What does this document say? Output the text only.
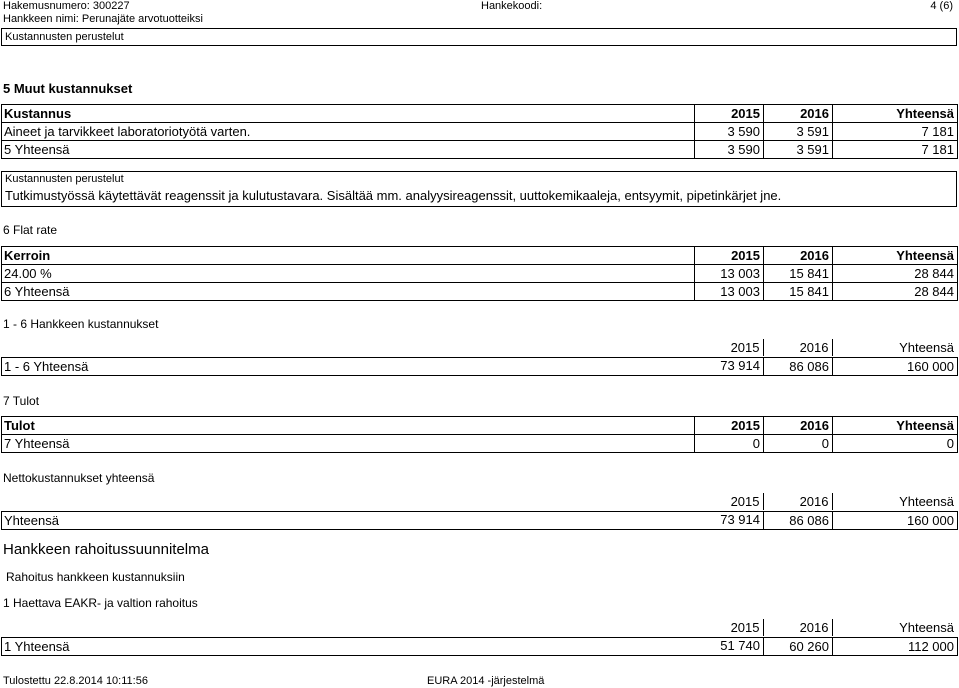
Hakemusnumero: 300227	Hankekoodi:	4 (6)
Hankkeen nimi: Perunajäte arvotuotteiksi
Kustannusten perustelut
5 Muut kustannukset
Kustannus	2015	2016	Yhteensä
Aineet ja tarvikkeet laboratoriotyötä varten.	3 590	3 591	7 181
5 Yhteensä	3 590	3 591	7 181
Kustannusten perustelut
Tutkimustyössä käytettävät reagenssit ja kulutustavara. Sisältää mm. analyysireagenssit, uuttokemikaaleja, entsyymit, pipetinkärjet jne.
6 Flat rate
Kerroin	2015	2016	Yhteensä
24.00 %	13 003	15 841	28 844
6 Yhteensä	13 003	15 841	28 844
1 - 6 Hankkeen kustannukset
2015	2016	Yhteensä
1 - 6 Yhteensä	73 914	86 086	160 000
7 Tulot
Tulot	2015	2016	Yhteensä
7 Yhteensä	0	0	0
Nettokustannukset yhteensä
2015	2016	Yhteensä
Yhteensä	73 914	86 086	160 000
Hankkeen rahoitussuunnitelma
Rahoitus hankkeen kustannuksiin
1 Haettava EAKR- ja valtion rahoitus
2015	2016	Yhteensä
1 Yhteensä	51 740	60 260	112 000
Tulostettu 22.8.2014 10:11:56	EURA 2014 -järjestelmä
